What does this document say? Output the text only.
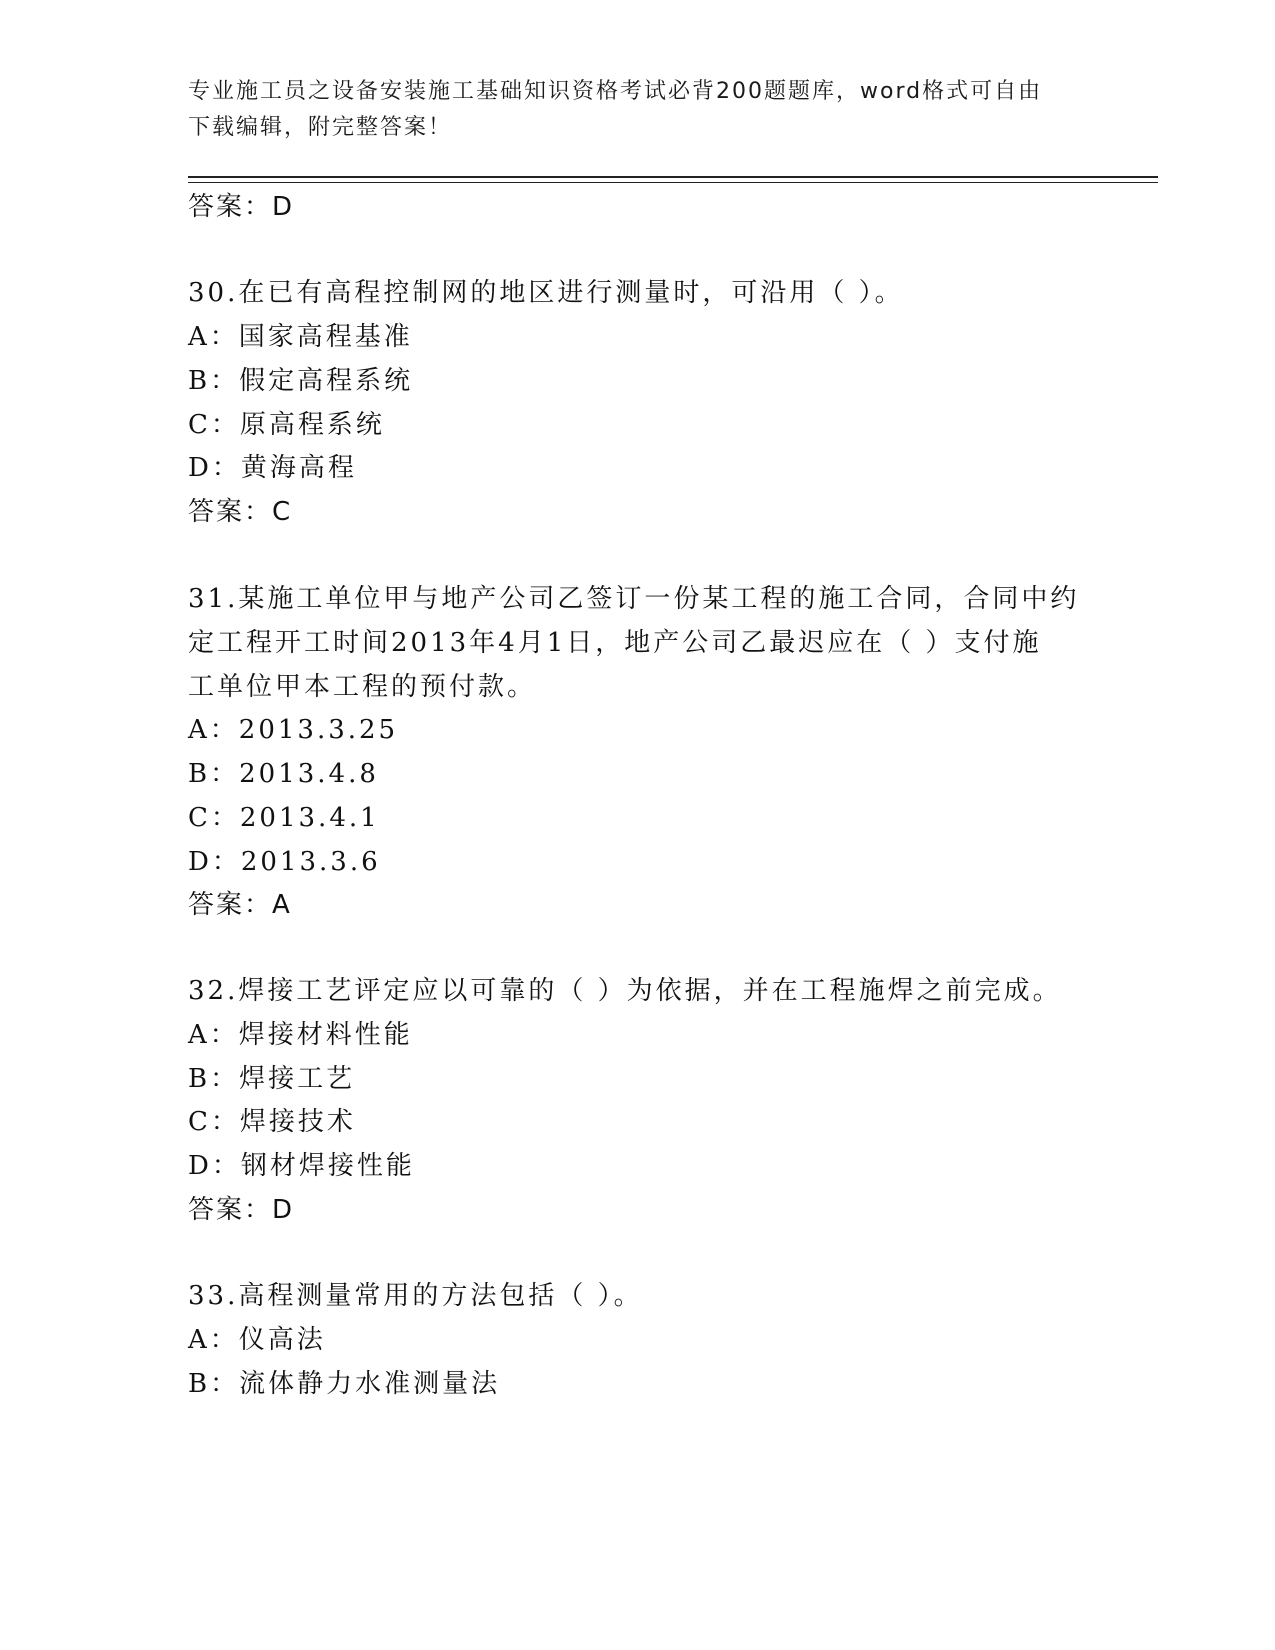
专业施工员之设备安装施工基础知识资格考试必背200题题库，word格式可自由
下载编辑，附完整答案！
答案：D
30.在已有高程控制网的地区进行测量时，可沿用（ ）。
A：国家高程基准
B：假定高程系统
C：原高程系统
D：黄海高程
答案：C
31.某施工单位甲与地产公司乙签订一份某工程的施工合同，合同中约
定工程开工时间2013年4月1日，地产公司乙最迟应在（ ）支付施
工单位甲本工程的预付款。
A：2013.3.25
B：2013.4.8
C：2013.4.1
D：2013.3.6
答案：A
32.焊接工艺评定应以可靠的（ ）为依据，并在工程施焊之前完成。
A：焊接材料性能
B：焊接工艺
C：焊接技术
D：钢材焊接性能
答案：D
33.高程测量常用的方法包括（ ）。
A：仪高法
B：流体静力水准测量法
